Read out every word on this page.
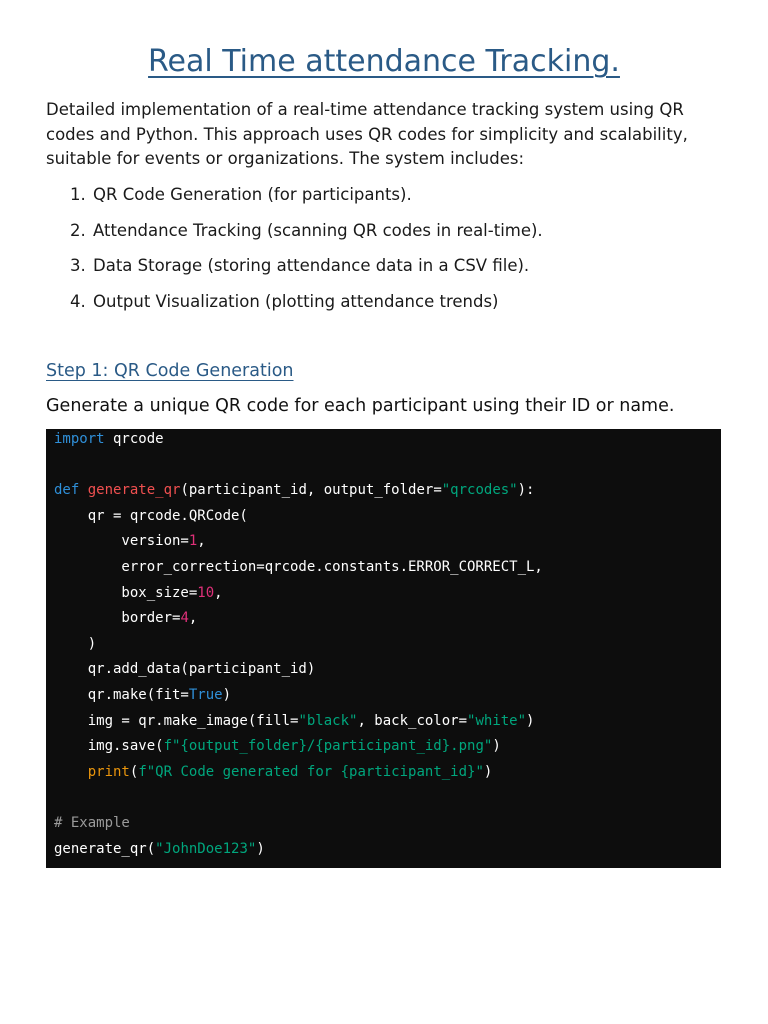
Real Time attendance Tracking.

Detailed implementation of a real-time attendance tracking system using QR codes and Python. This approach uses QR codes for simplicity and scalability, suitable for events or organizations. The system includes:

1. QR Code Generation (for participants).
2. Attendance Tracking (scanning QR codes in real-time).
3. Data Storage (storing attendance data in a CSV file).
4. Output Visualization (plotting attendance trends)
Step 1: QR Code Generation

Generate a unique QR code for each participant using their ID or name.

import qrcode

def generate_qr(participant_id, output_folder="qrcodes"):
qr = qrcode.QRCode(
version=1,
error_correction=qrcode.constants.ERROR_CORRECT_L,
box_size=10,
border=4,
)
qr.add_data(participant_id)
qr.make(fit=True)
img = qr.make_image(fill="black", back_color="white")
img.save(f"{output_folder}/{participant_id}.png")
print(f"QR Code generated for {participant_id}")

# Example
generate_qr("JohnDoe123")
